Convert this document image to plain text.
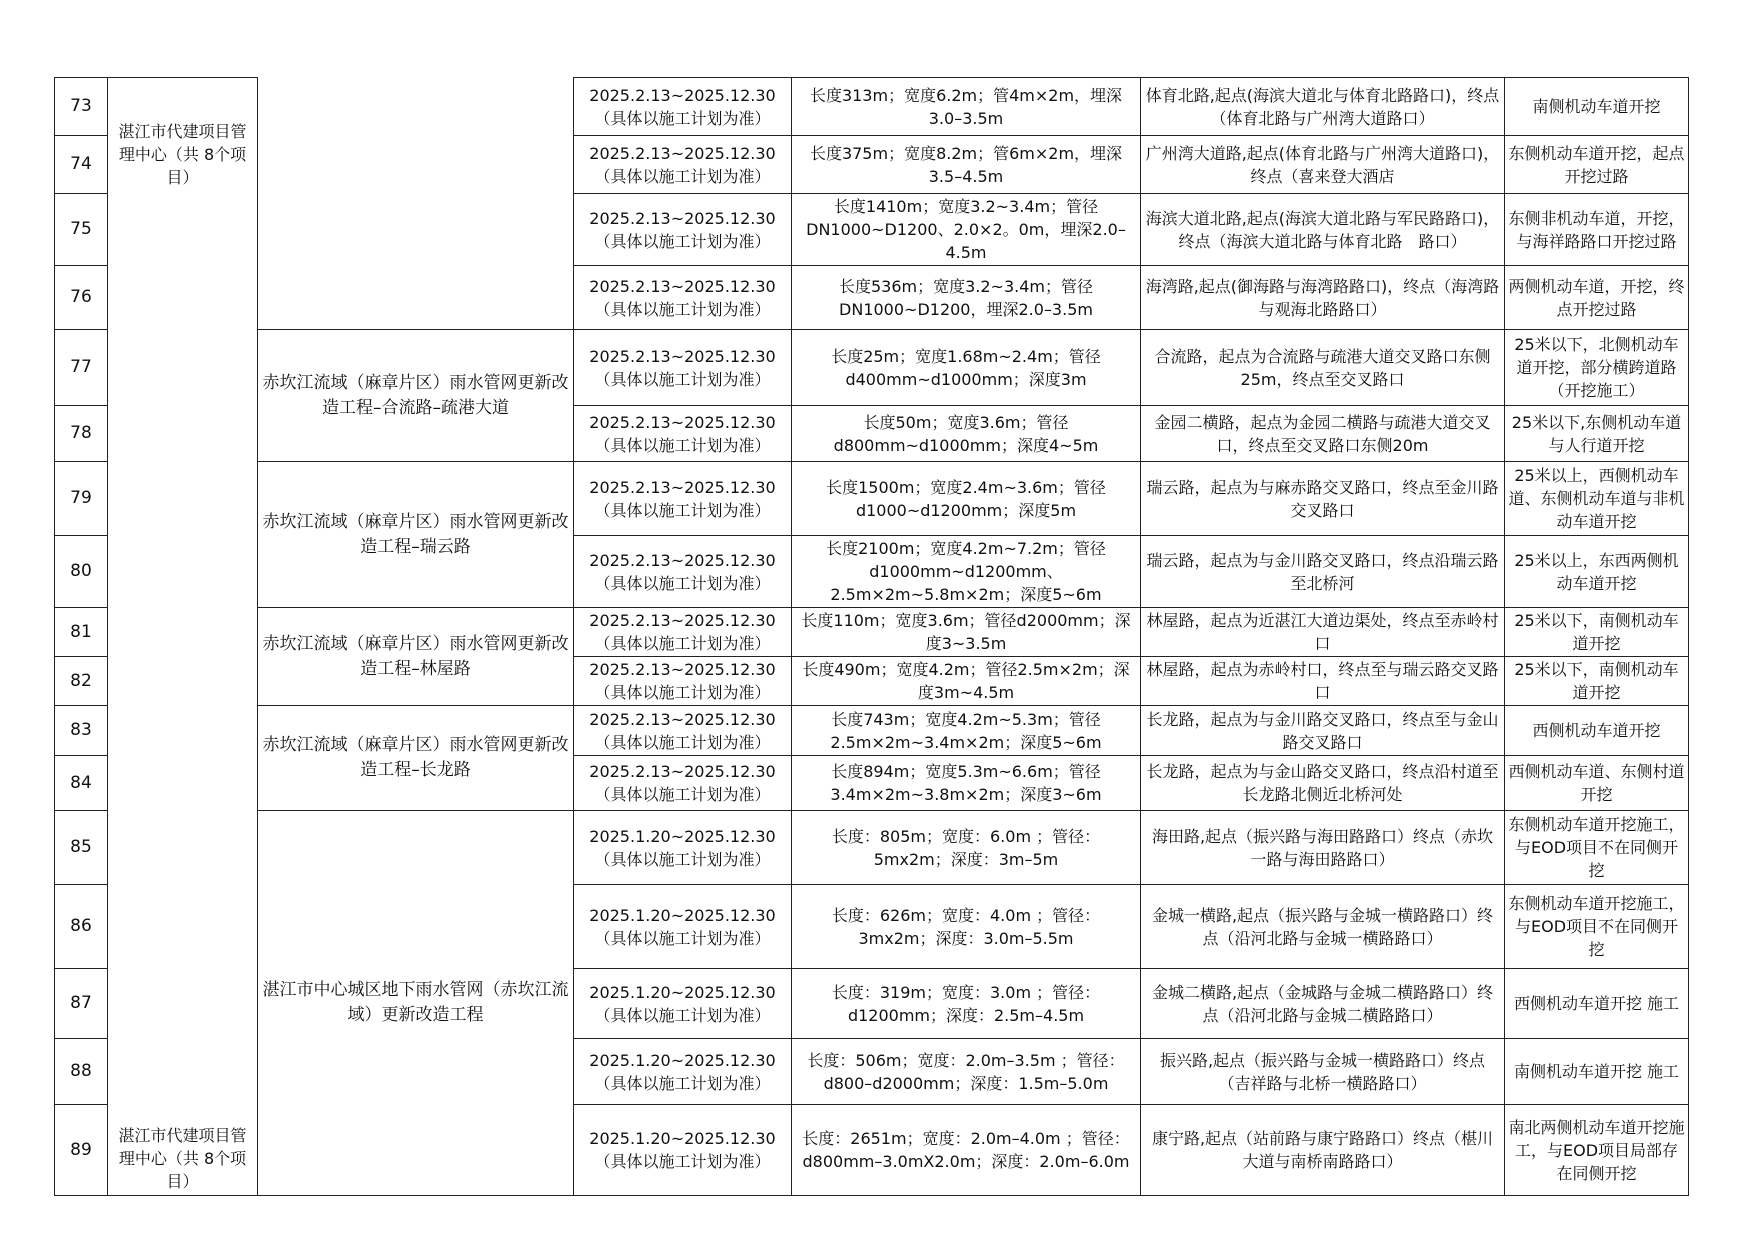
73	湛江市代建项目管理中心（共 8个项目）		2025.2.13~2025.12.30（具体以施工计划为准）	长度313m；宽度6.2m；管4m×2m，埋深3.0–3.5m	体育北路,起点(海滨大道北与体育北路路口)，终点（体育北路与广州湾大道路口）	南侧机动车道开挖
74			2025.2.13~2025.12.30（具体以施工计划为准）	长度375m；宽度8.2m；管6m×2m，埋深3.5–4.5m	广州湾大道路,起点(体育北路与广州湾大道路口)，终点（喜来登大酒店	东侧机动车道开挖，起点开挖过路
75			2025.2.13~2025.12.30（具体以施工计划为准）	长度1410m；宽度3.2~3.4m；管径DN1000~D1200、2.0×2。0m，埋深2.0–4.5m	海滨大道北路,起点(海滨大道北路与军民路路口)，终点（海滨大道北路与体育北路　路口）	东侧非机动车道，开挖，与海祥路路口开挖过路
76			2025.2.13~2025.12.30（具体以施工计划为准）	长度536m；宽度3.2~3.4m；管径DN1000~D1200，埋深2.0–3.5m	海湾路,起点(御海路与海湾路路口)，终点（海湾路与观海北路路口）	两侧机动车道，开挖，终点开挖过路
77		赤坎江流域（麻章片区）雨水管网更新改造工程–合流路–疏港大道	2025.2.13~2025.12.30（具体以施工计划为准）	长度25m；宽度1.68m~2.4m；管径d400mm~d1000mm；深度3m	合流路，起点为合流路与疏港大道交叉路口东侧25m，终点至交叉路口	25米以下，北侧机动车道开挖，部分横跨道路（开挖施工）
78			2025.2.13~2025.12.30（具体以施工计划为准）	长度50m；宽度3.6m；管径d800mm~d1000mm；深度4~5m	金园二横路，起点为金园二横路与疏港大道交叉口，终点至交叉路口东侧20m	25米以下,东侧机动车道与人行道开挖
79		赤坎江流域（麻章片区）雨水管网更新改造工程–瑞云路	2025.2.13~2025.12.30（具体以施工计划为准）	长度1500m；宽度2.4m~3.6m；管径d1000~d1200mm；深度5m	瑞云路，起点为与麻赤路交叉路口，终点至金川路交叉路口	25米以上，西侧机动车道、东侧机动车道与非机动车道开挖
80			2025.2.13~2025.12.30（具体以施工计划为准）	长度2100m；宽度4.2m~7.2m；管径d1000mm~d1200mm、2.5m×2m~5.8m×2m；深度5~6m	瑞云路，起点为与金川路交叉路口，终点沿瑞云路至北桥河	25米以上，东西两侧机动车道开挖
81		赤坎江流域（麻章片区）雨水管网更新改造工程–林屋路	2025.2.13~2025.12.30（具体以施工计划为准）	长度110m；宽度3.6m；管径d2000mm；深度3~3.5m	林屋路，起点为近湛江大道边渠处，终点至赤岭村口	25米以下，南侧机动车道开挖
82			2025.2.13~2025.12.30（具体以施工计划为准）	长度490m；宽度4.2m；管径2.5m×2m；深度3m~4.5m	林屋路，起点为赤岭村口，终点至与瑞云路交叉路口	25米以下，南侧机动车道开挖
83		赤坎江流域（麻章片区）雨水管网更新改造工程–长龙路	2025.2.13~2025.12.30（具体以施工计划为准）	长度743m；宽度4.2m~5.3m；管径2.5m×2m~3.4m×2m；深度5~6m	长龙路，起点为与金川路交叉路口，终点至与金山路交叉路口	西侧机动车道开挖
84			2025.2.13~2025.12.30（具体以施工计划为准）	长度894m；宽度5.3m~6.6m；管径3.4m×2m~3.8m×2m；深度3~6m	长龙路，起点为与金山路交叉路口，终点沿村道至长龙路北侧近北桥河处	西侧机动车道、东侧村道开挖
85		湛江市中心城区地下雨水管网（赤坎江流域）更新改造工程	2025.1.20~2025.12.30（具体以施工计划为准）	长度：805m；宽度：6.0m ；管径：5mx2m；深度：3m–5m	海田路,起点（振兴路与海田路路口）终点（赤坎一路与海田路路口）	东侧机动车道开挖施工，与EOD项目不在同侧开挖
86			2025.1.20~2025.12.30（具体以施工计划为准）	长度：626m；宽度：4.0m ；管径：3mx2m；深度：3.0m–5.5m	金城一横路,起点（振兴路与金城一横路路口）终点（沿河北路与金城一横路路口）	东侧机动车道开挖施工，与EOD项目不在同侧开挖
87			2025.1.20~2025.12.30（具体以施工计划为准）	长度：319m；宽度：3.0m ；管径：d1200mm；深度：2.5m–4.5m	金城二横路,起点（金城路与金城二横路路口）终点（沿河北路与金城二横路路口）	西侧机动车道开挖 施工
88			2025.1.20~2025.12.30（具体以施工计划为准）	长度：506m；宽度：2.0m–3.5m ；管径：d800–d2000mm；深度：1.5m–5.0m	振兴路,起点（振兴路与金城一横路路口）终点（吉祥路与北桥一横路路口）	南侧机动车道开挖 施工
89	湛江市代建项目管理中心（共 8个项目）		2025.1.20~2025.12.30（具体以施工计划为准）	长度：2651m；宽度：2.0m–4.0m ；管径：d800mm–3.0mX2.0m；深度：2.0m–6.0m	康宁路,起点（站前路与康宁路路口）终点（椹川大道与南桥南路路口）	南北两侧机动车道开挖施工，与EOD项目局部存在同侧开挖
